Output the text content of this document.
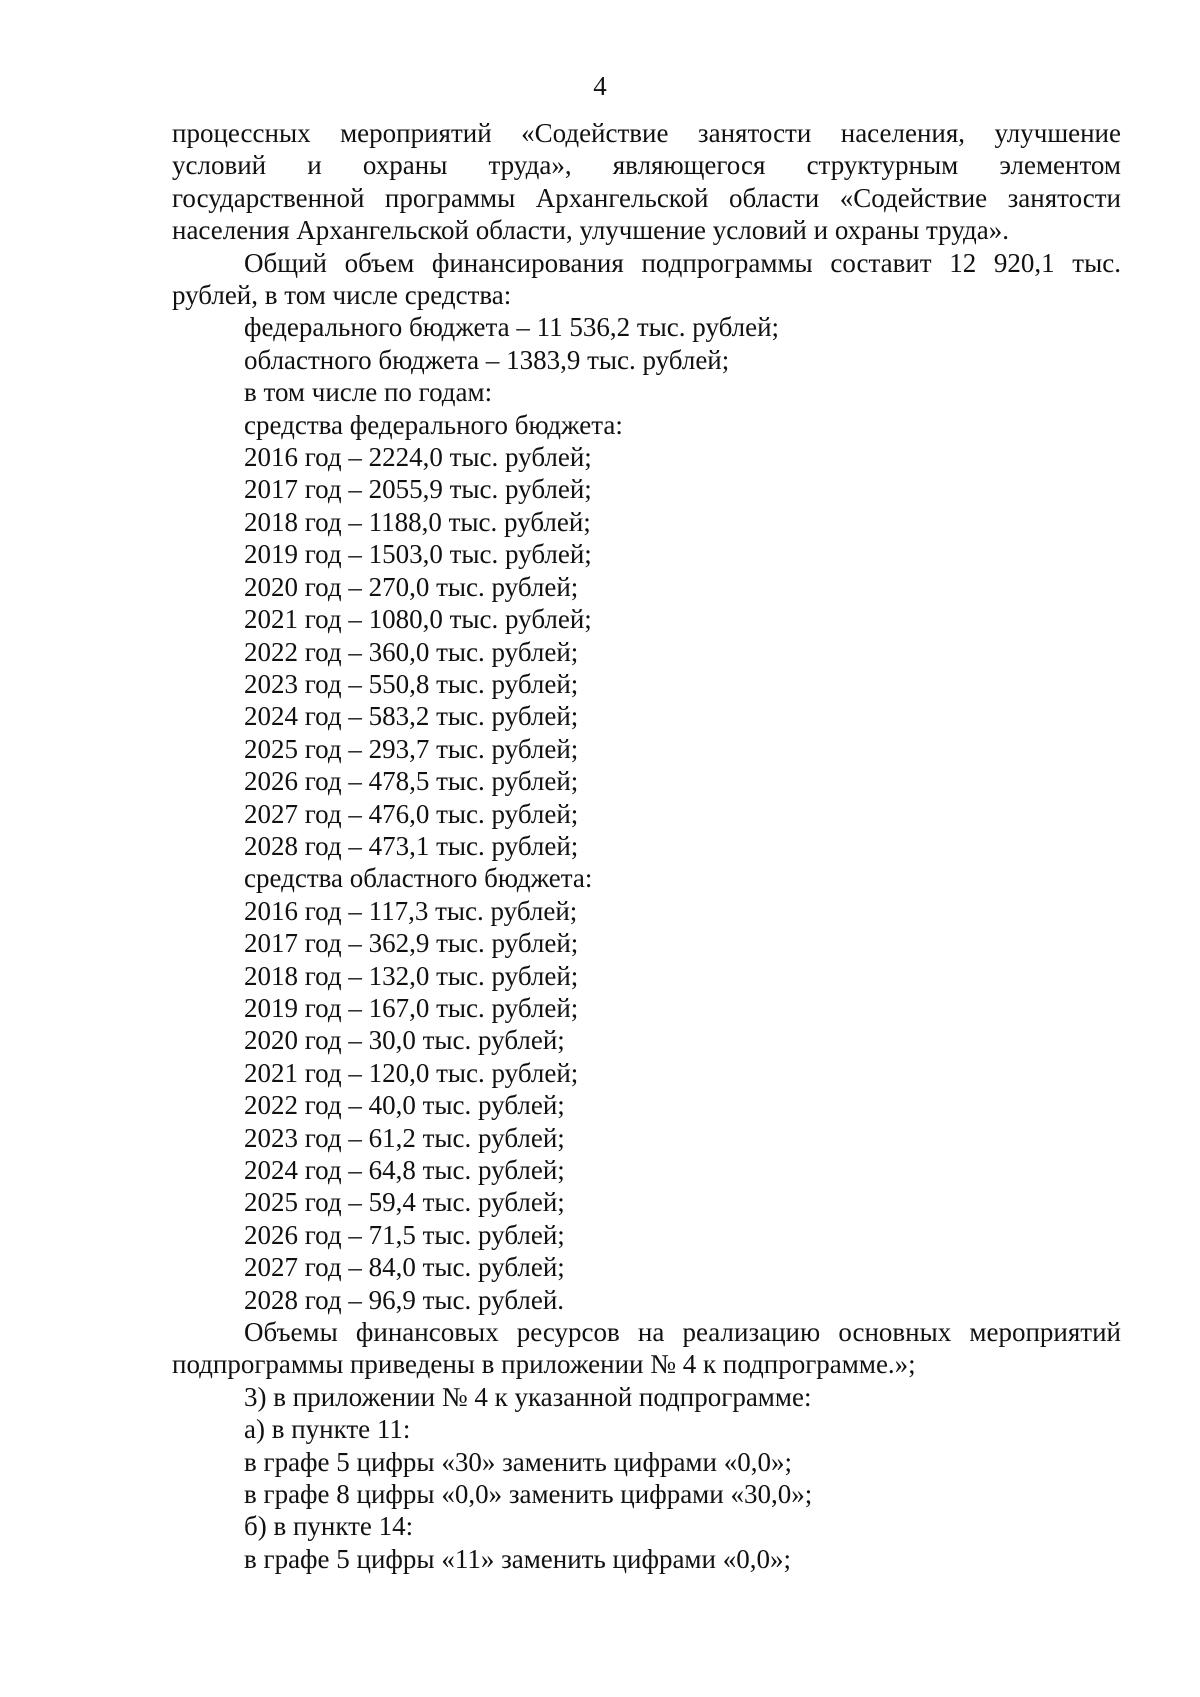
4
процессных мероприятий «Содействие занятости населения, улучшение
условий и охраны труда», являющегося структурным элементом
государственной программы Архангельской области «Содействие занятости
населения Архангельской области, улучшение условий и охраны труда».
Общий объем финансирования подпрограммы составит 12 920,1 тыс.
рублей, в том числе средства:

федерального бюджета – 11 536,2 тыс. рублей;

областного бюджета – 1383,9 тыс. рублей;

в том числе по годам:

средства федерального бюджета:

2016 год – 2224,0 тыс. рублей;

2017 год – 2055,9 тыс. рублей;

2018 год – 1188,0 тыс. рублей;

2019 год – 1503,0 тыс. рублей;

2020 год – 270,0 тыс. рублей;

2021 год – 1080,0 тыс. рублей;

2022 год – 360,0 тыс. рублей;

2023 год – 550,8 тыс. рублей;

2024 год – 583,2 тыс. рублей;

2025 год – 293,7 тыс. рублей;

2026 год – 478,5 тыс. рублей;

2027 год – 476,0 тыс. рублей;

2028 год – 473,1 тыс. рублей;

средства областного бюджета:

2016 год – 117,3 тыс. рублей;

2017 год – 362,9 тыс. рублей;

2018 год – 132,0 тыс. рублей;

2019 год – 167,0 тыс. рублей;

2020 год – 30,0 тыс. рублей;

2021 год – 120,0 тыс. рублей;

2022 год – 40,0 тыс. рублей;

2023 год – 61,2 тыс. рублей;

2024 год – 64,8 тыс. рублей;

2025 год – 59,4 тыс. рублей;

2026 год – 71,5 тыс. рублей;

2027 год – 84,0 тыс. рублей;

2028 год – 96,9 тыс. рублей.

Объемы финансовых ресурсов на реализацию основных мероприятий
подпрограммы приведены в приложении № 4 к подпрограмме.»;

3) в приложении № 4 к указанной подпрограмме:

а) в пункте 11:

в графе 5 цифры «30» заменить цифрами «0,0»;

в графе 8 цифры «0,0» заменить цифрами «30,0»;

б) в пункте 14:

в графе 5 цифры «11» заменить цифрами «0,0»;
